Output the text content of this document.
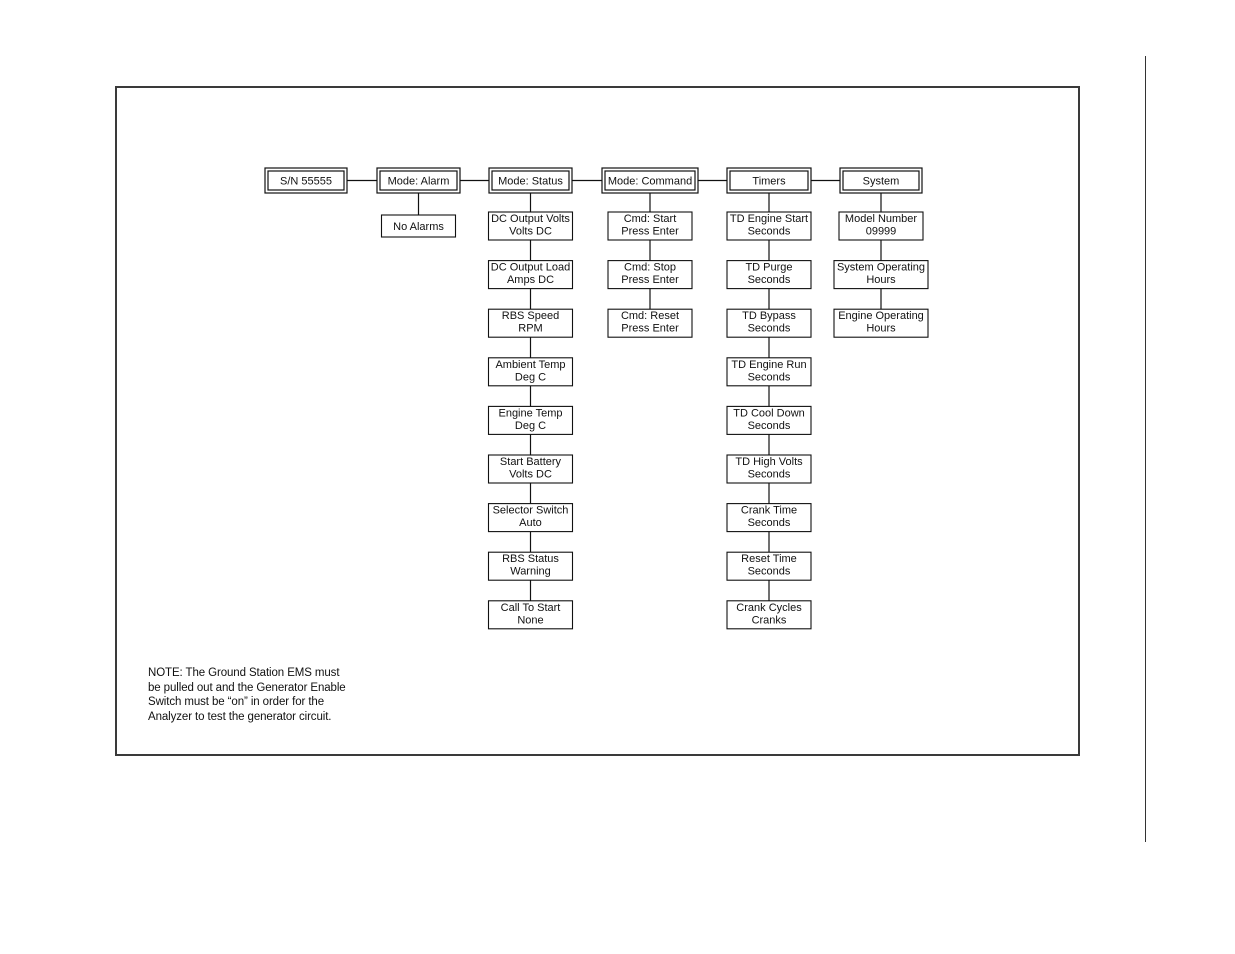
S/N 55555	Mode: Alarm	Mode: Status	Mode: Command	Timers	System
No Alarms
DC Output Volts
Volts DC
DC Output Load
Amps DC
RBS Speed
RPM
Ambient Temp
Deg C
Engine Temp
Deg C
Start Battery
Volts DC
Selector Switch
Auto
RBS Status
Warning
Call To Start
None
Cmd: Start
Press Enter
Cmd: Stop
Press Enter
Cmd: Reset
Press Enter
TD Engine Start
Seconds
TD Purge
Seconds
TD Bypass
Seconds
TD Engine Run
Seconds
TD Cool Down
Seconds
TD High Volts
Seconds
Crank Time
Seconds
Reset Time
Seconds
Crank Cycles
Cranks
Model Number
09999
System Operating
Hours
Engine Operating
Hours
NOTE: The Ground Station EMS must
be pulled out and the Generator Enable
Switch must be “on” in order for the
Analyzer to test the generator circuit.
